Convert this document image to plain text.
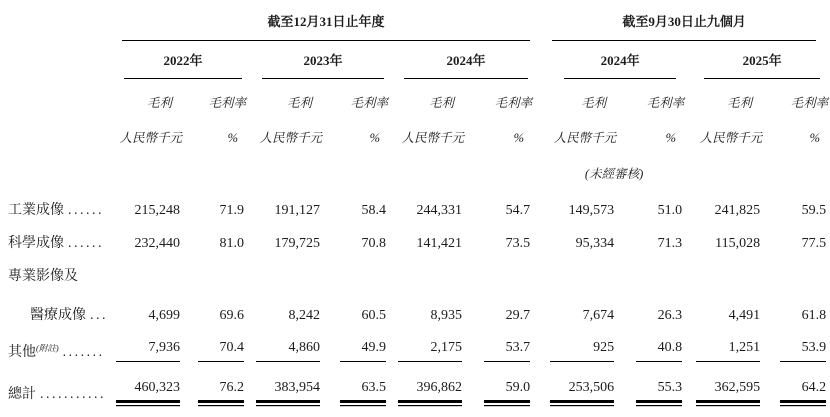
	截至12月31日止年度							截至9月30日止九個月			

	2022年		2023年		2024年			2024年		2025年	

	毛利	毛利率	毛利	毛利率	毛利	毛利率		毛利	毛利率	毛利	毛利率
	人民幣千元	%	人民幣千元	%	人民幣千元	%		人民幣千元	%	人民幣千元	%
								(未經審核)			
工業成像 ......	215,248	71.9	191,127	58.4	244,331	54.7		149,573	51.0	241,825	59.5
科學成像 ......	232,440	81.0	179,725	70.8	141,421	73.5		95,334	71.3	115,028	77.5
專業影像及											
醫療成像 ...	4,699	69.6	8,242	60.5	8,935	29.7		7,674	26.3	4,491	61.8
其他$^{(附註)}$ .......	7,936	70.4	4,860	49.9	2,175	53.7		925	40.8	1,251	53.9
總計 ...........	460,323	76.2	383,954	63.5	396,862	59.0		253,506	55.3	362,595	64.2
